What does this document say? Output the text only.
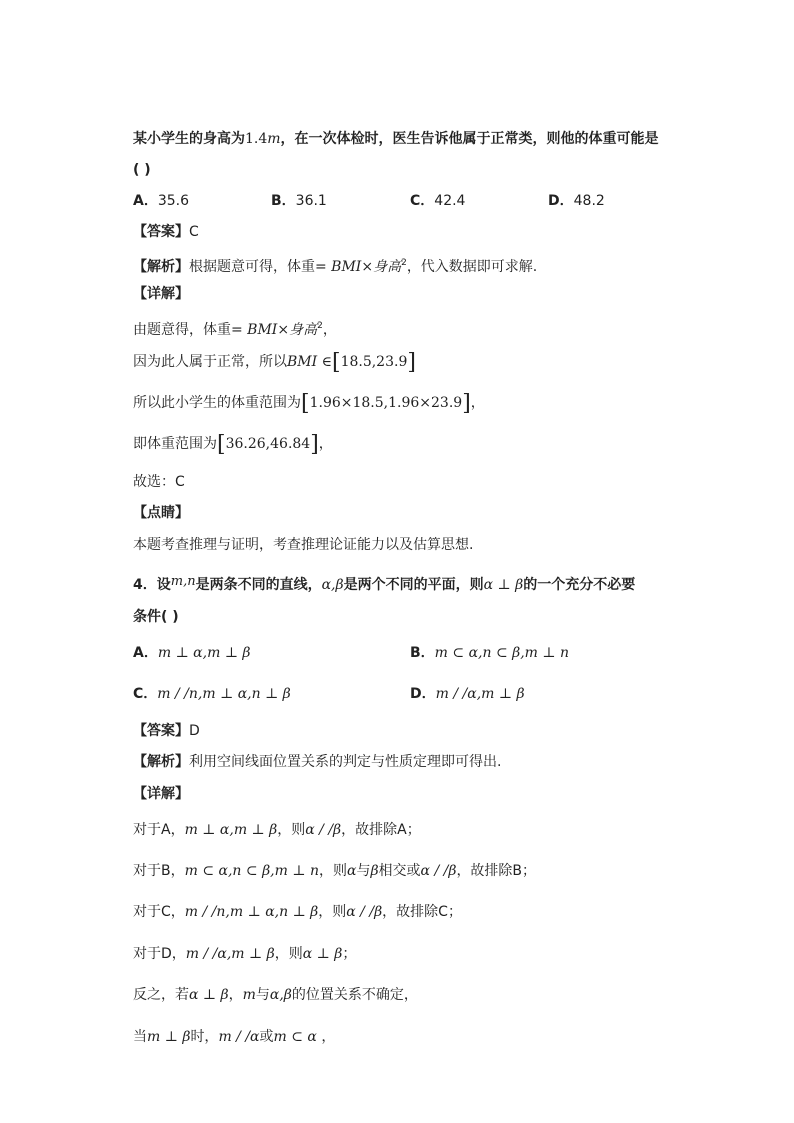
某小学生的身高为1.4m，在一次体检时，医生告诉他属于正常类，则他的体重可能是
( )
A．35.6	B．36.1	C．42.4	D．48.2
【答案】C
【解析】根据题意可得，体重= BMI×身高$^2$，代入数据即可求解.
【详解】
由题意得，体重= BMI×身高$^2$，
因为此人属于正常，所以BMI ∈[18.5,23.9]
所以此小学生的体重范围为[1.96×18.5,1.96×23.9]，
即体重范围为[36.26,46.84]，
故选：C
【点睛】
本题考查推理与证明，考查推理论证能力以及估算思想.
4．设m,n是两条不同的直线，α,β是两个不同的平面，则α ⊥ β的一个充分不必要
条件( )
A．m ⊥ α,m ⊥ β	B．m ⊂ α,n ⊂ β,m ⊥ n
C．m / /n,m ⊥ α,n ⊥ β	D．m / /α,m ⊥ β
【答案】D
【解析】利用空间线面位置关系的判定与性质定理即可得出.
【详解】
对于A，m ⊥ α,m ⊥ β，则α / /β，故排除A；
对于B，m ⊂ α,n ⊂ β,m ⊥ n，则α与β相交或α / /β，故排除B；
对于C，m / /n,m ⊥ α,n ⊥ β，则α / /β，故排除C；
对于D，m / /α,m ⊥ β，则α ⊥ β；
反之，若α ⊥ β，m与α,β的位置关系不确定，
当m ⊥ β时，m / /α或m ⊂ α ，
